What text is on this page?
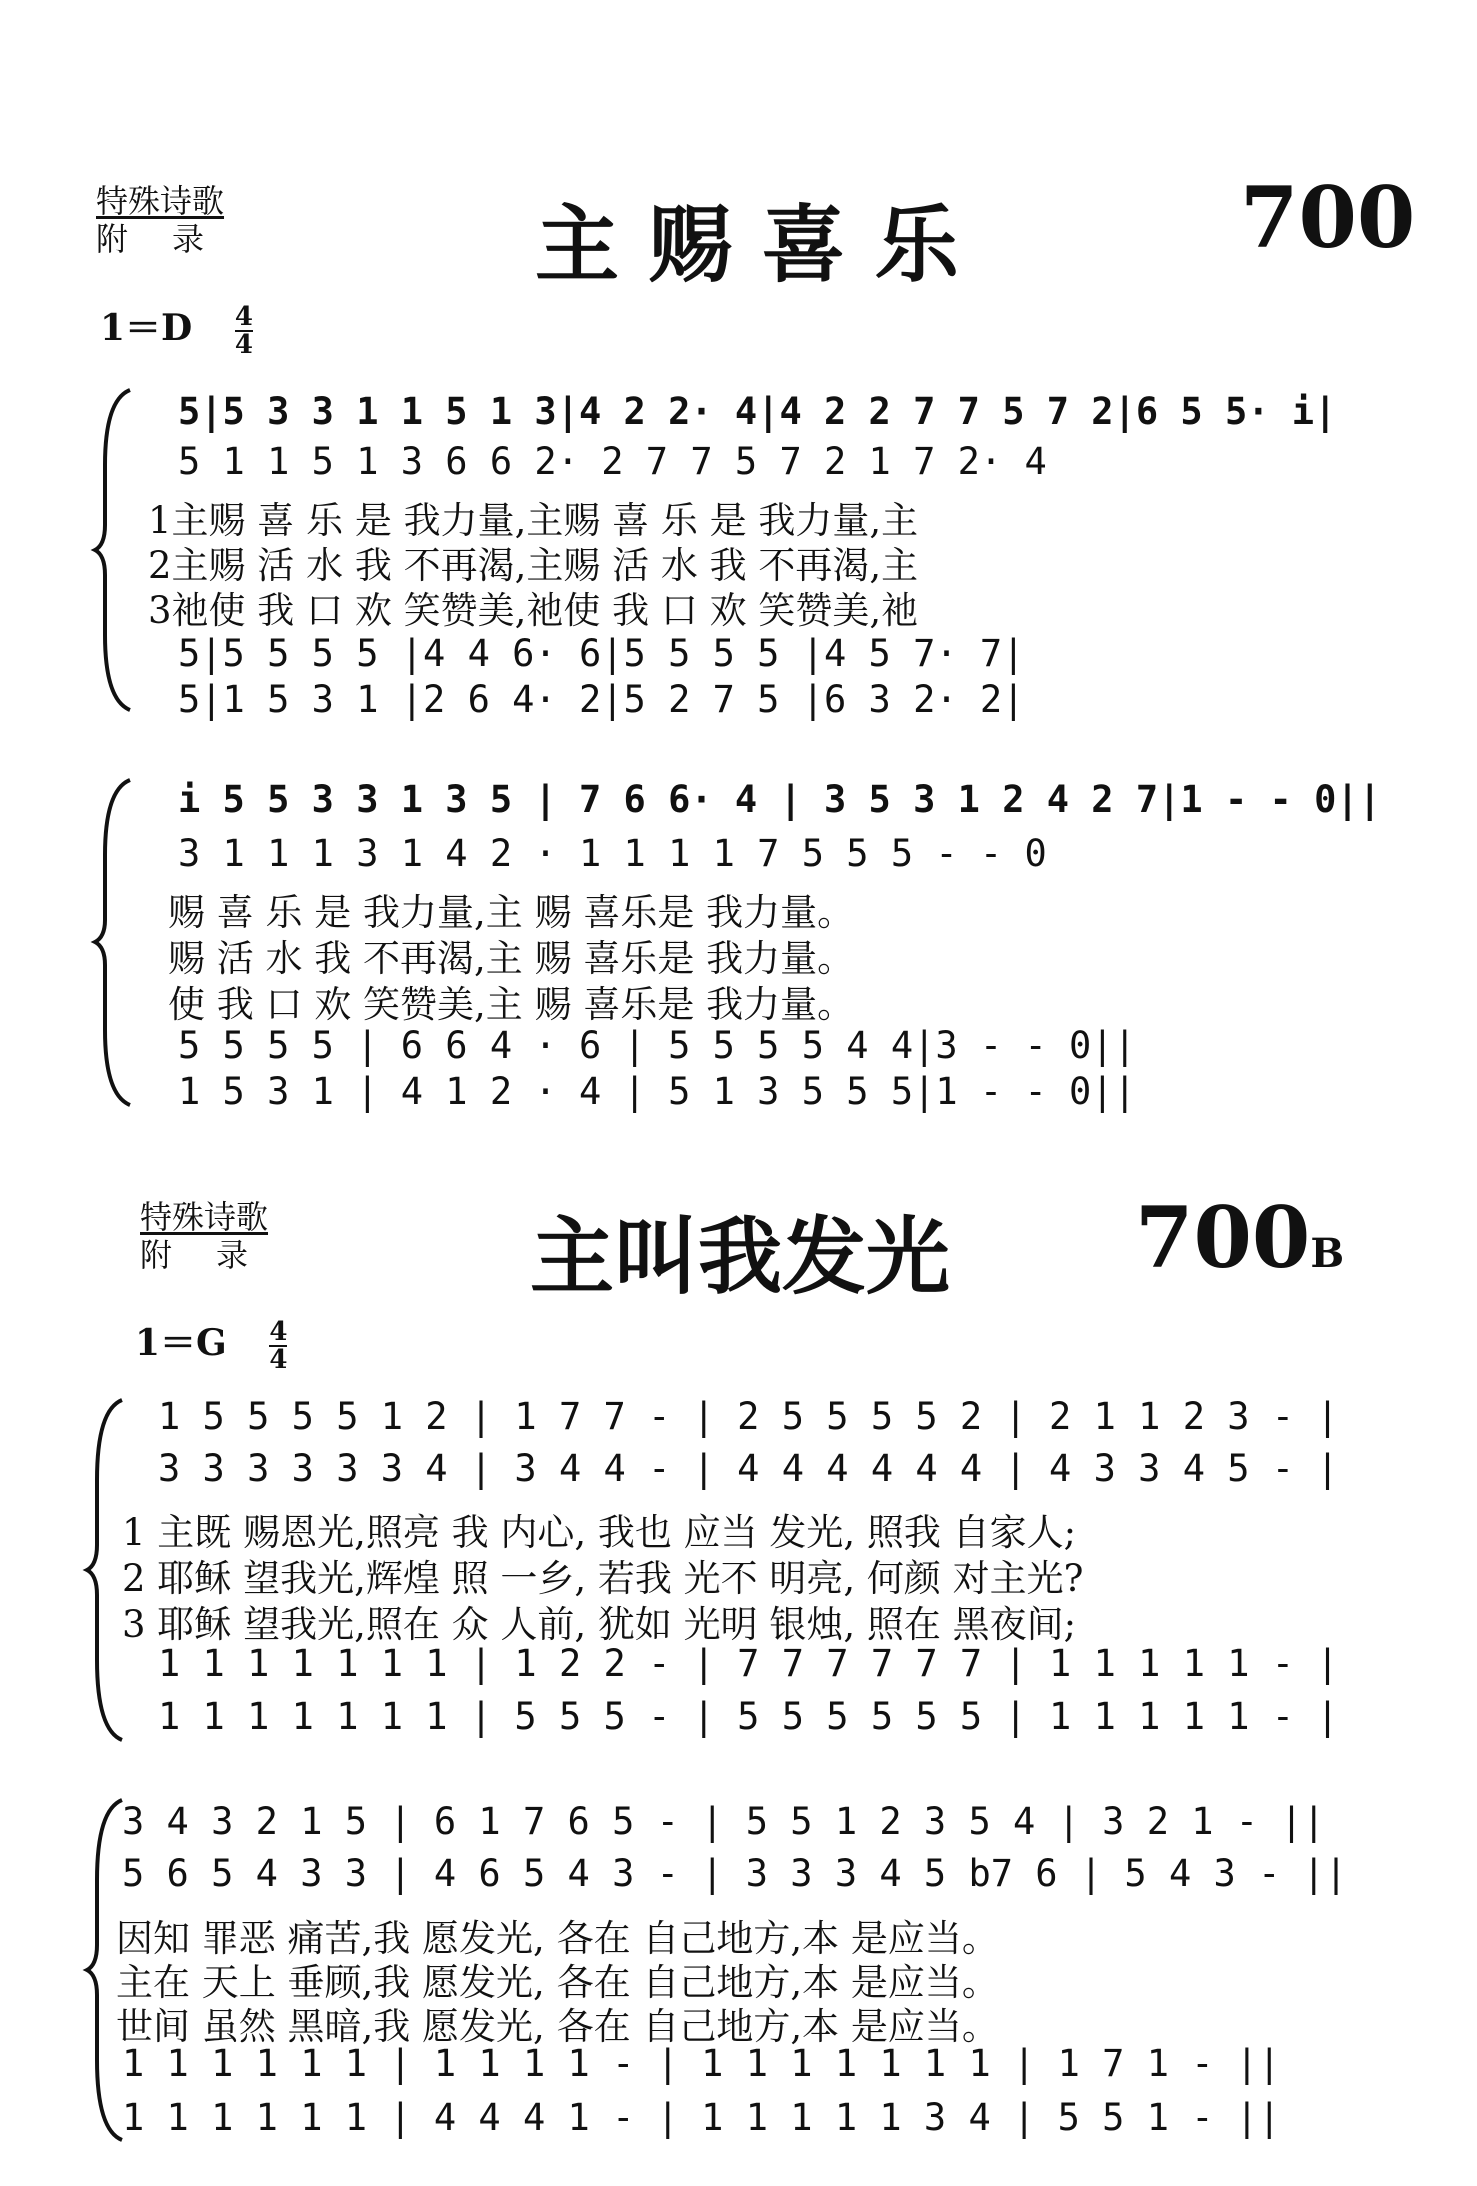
特殊诗歌
附录	主 赐 喜 乐	700
$1=D \frac{4}{4}$
5|5 3 3 1 1 5 1 3|4 2 2· 4|4 2 2 7 7 5 7 2|6 5 5· i|
5 1 1 5 1 3 6 6 2· 2 7 7 5 7 2 1 7 2· 4
1主赐 喜 乐 是 我力量,主赐 喜 乐 是 我力量,主
2主赐 活 水 我 不再渴,主赐 活 水 我 不再渴,主
3祂使 我 口 欢 笑赞美,祂使 我 口 欢 笑赞美,祂
5|5 5 5 5 |4 4 6· 6|5 5 5 5 |4 5 7· 7|
5|1 5 3 1 |2 6 4· 2|5 2 7 5 |6 3 2· 2|
i 5 5 3 3 1 3 5 | 7 6 6· 4 | 3 5 3 1 2 4 2 7|1 - - 0||
3 1 1 1 3 1 4 2 · 1 1 1 1 7 5 5 5 - - 0
赐 喜 乐 是 我力量,主 赐 喜乐是 我力量。
赐 活 水 我 不再渴,主 赐 喜乐是 我力量。
使 我 口 欢 笑赞美,主 赐 喜乐是 我力量。
5 5 5 5 | 6 6 4 · 6 | 5 5 5 5 4 4|3 - - 0||
1 5 3 1 | 4 1 2 · 4 | 5 1 3 5 5 5|1 - - 0||
特殊诗歌
附录	主叫我发光 700B
$1=G \frac{4}{4}$
1 5 5 5 5 1 2 | 1 7 7 - | 2 5 5 5 5 2 | 2 1 1 2 3 - |
3 3 3 3 3 3 4 | 3 4 4 - | 4 4 4 4 4 4 | 4 3 3 4 5 - |
1 主既 赐恩光,照亮 我 内心, 我也 应当 发光, 照我 自家人;
2 耶稣 望我光,辉煌 照 一乡, 若我 光不 明亮, 何颜 对主光?
3 耶稣 望我光,照在 众 人前, 犹如 光明 银烛, 照在 黑夜间;
1 1 1 1 1 1 1 | 1 2 2 - | 7 7 7 7 7 7 | 1 1 1 1 1 - |
1 1 1 1 1 1 1 | 5 5 5 - | 5 5 5 5 5 5 | 1 1 1 1 1 - |
3 4 3 2 1 5 | 6 1 7 6 5 - | 5 5 1 2 3 5 4 | 3 2 1 - ||
5 6 5 4 3 3 | 4 6 5 4 3 - | 3 3 3 4 5 b7 6 | 5 4 3 - ||
因知 罪恶 痛苦,我 愿发光, 各在 自己地方,本 是应当。
主在 天上 垂顾,我 愿发光, 各在 自己地方,本 是应当。
世间 虽然 黑暗,我 愿发光, 各在 自己地方,本 是应当。
1 1 1 1 1 1 | 1 1 1 1 - | 1 1 1 1 1 1 1 | 1 7 1 - ||
1 1 1 1 1 1 | 4 4 4 1 - | 1 1 1 1 1 3 4 | 5 5 1 - ||
